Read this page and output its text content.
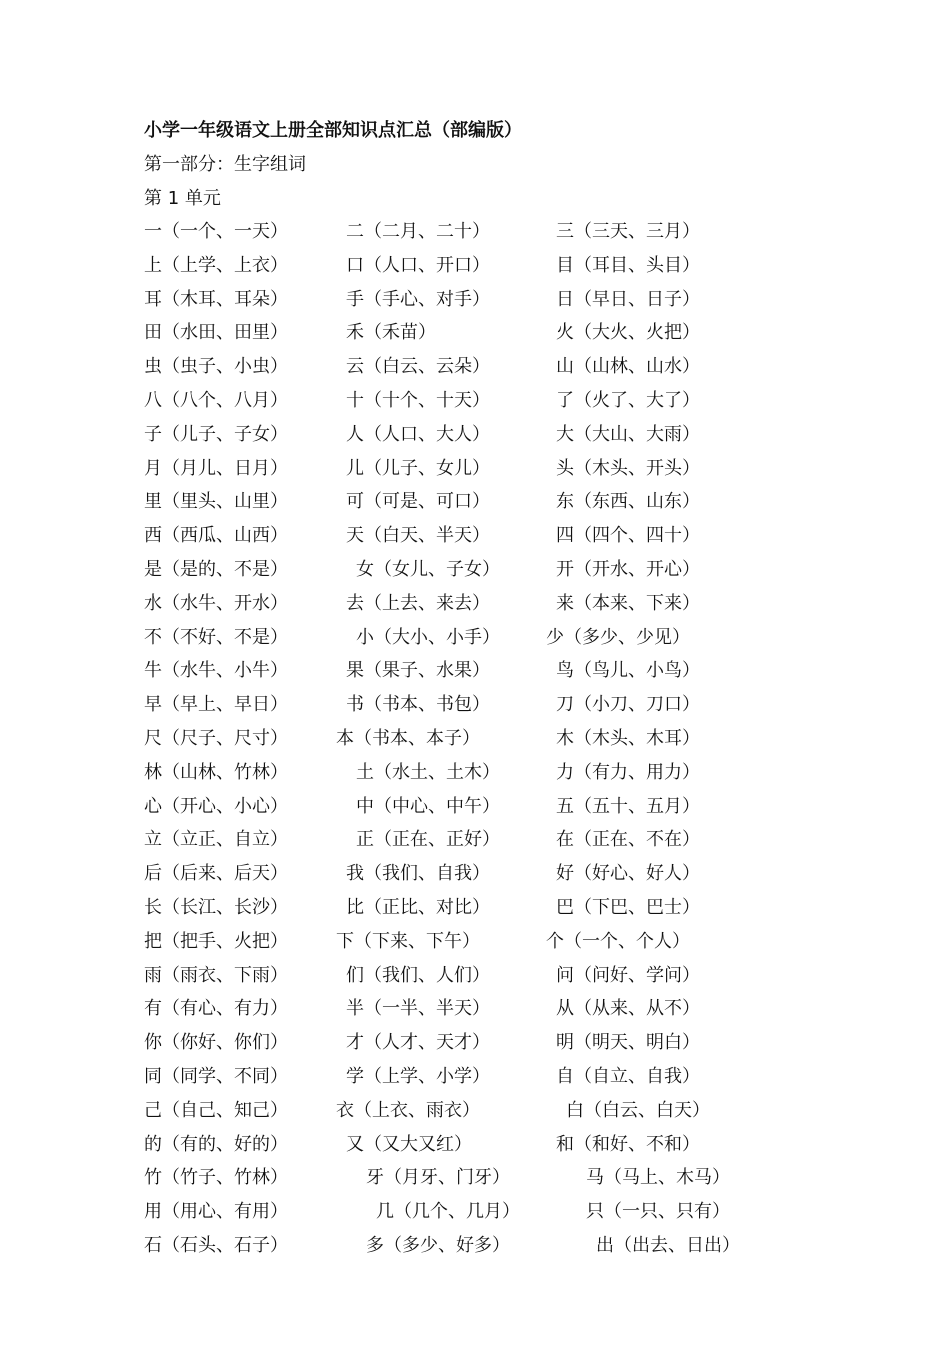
小学一年级语文上册全部知识点汇总（部编版）
第一部分：生字组词
第 1 单元
一（一个、一天）	二（二月、二十）	三（三天、三月）
上（上学、上衣）	口（人口、开口）	目（耳目、头目）
耳（木耳、耳朵）	手（手心、对手）	日（早日、日子）
田（水田、田里）	禾（禾苗）	火（大火、火把）
虫（虫子、小虫）	云（白云、云朵）	山（山林、山水）
八（八个、八月）	十（十个、十天）	了（火了、大了）
子（儿子、子女）	人（人口、大人）	大（大山、大雨）
月（月儿、日月）	儿（儿子、女儿）	头（木头、开头）
里（里头、山里）	可（可是、可口）	东（东西、山东）
西（西瓜、山西）	天（白天、半天）	四（四个、四十）
是（是的、不是）	女（女儿、子女）	开（开水、开心）
水（水牛、开水）	去（上去、来去）	来（本来、下来）
不（不好、不是）	小（大小、小手）	少（多少、少见）
牛（水牛、小牛）	果（果子、水果）	鸟（鸟儿、小鸟）
早（早上、早日）	书（书本、书包）	刀（小刀、刀口）
尺（尺子、尺寸）	本（书本、本子）	木（木头、木耳）
林（山林、竹林）	土（水土、土木）	力（有力、用力）
心（开心、小心）	中（中心、中午）	五（五十、五月）
立（立正、自立）	正（正在、正好）	在（正在、不在）
后（后来、后天）	我（我们、自我）	好（好心、好人）
长（长江、长沙）	比（正比、对比）	巴（下巴、巴士）
把（把手、火把）	下（下来、下午）	个（一个、个人）
雨（雨衣、下雨）	们（我们、人们）	问（问好、学问）
有（有心、有力）	半（一半、半天）	从（从来、从不）
你（你好、你们）	才（人才、天才）	明（明天、明白）
同（同学、不同）	学（上学、小学）	自（自立、自我）
己（自己、知己）	衣（上衣、雨衣）	白（白云、白天）
的（有的、好的）	又（又大又红）	和（和好、不和）
竹（竹子、竹林）	牙（月牙、门牙）	马（马上、木马）
用（用心、有用）	几（几个、几月）	只（一只、只有）
石（石头、石子）	多（多少、好多）	出（出去、日出）
